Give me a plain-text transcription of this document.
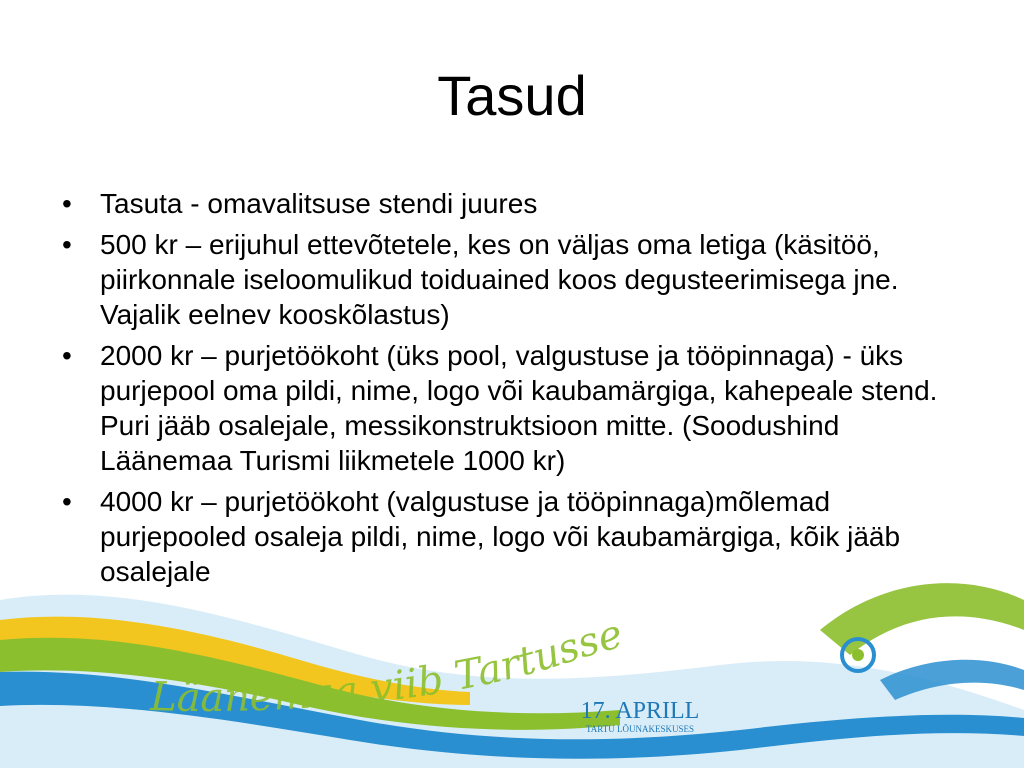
Läänemaa viib Tartusse
17. APRILL
TARTU LÕUNAKESKUSES
Tasud
• Tasuta - omavalitsuse stendi juures
• 500 kr – erijuhul ettevõtetele, kes on väljas oma letiga (käsitöö, piirkonnale iseloomulikud toiduained koos degusteerimisega jne. Vajalik eelnev kooskõlastus)
• 2000 kr – purjetöökoht (üks pool, valgustuse ja tööpinnaga) - üks purjepool oma pildi, nime, logo või kaubamärgiga, kahepeale stend. Puri jääb osalejale, messikonstruktsioon mitte. (Soodushind Läänemaa Turismi liikmetele 1000 kr)
• 4000 kr – purjetöökoht (valgustuse ja tööpinnaga)mõlemad purjepooled osaleja pildi, nime, logo või kaubamärgiga, kõik jääb osalejale
